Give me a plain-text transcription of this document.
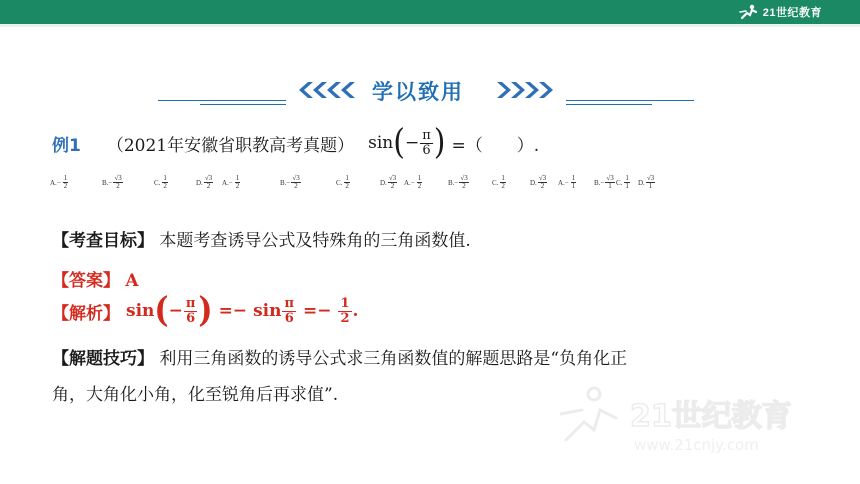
21世纪教育
学以致用
例1 （2021年安徽省职教高考真题） sin ( − $\frac{\pi}{6}$ ) =（　　）.
A. − $\frac{1}{2}$	B. − $\frac{√3}{2}$	C. $\frac{1}{2}$	D. $\frac{√3}{2} A$. − $\frac{1}{2}$	B. − $\frac{√3}{2}$	C. $\frac{1}{2}$	D. $\frac{√3}{2} A$. − $\frac{1}{2}$	B. − $\frac{√3}{2}$	C. $\frac{1}{2}$	D. $\frac{√3}{2} A$. − $\frac{1}{1} B$. − $\frac{√3}{1} C$. $\frac{1}{1} D$. $\frac{√3}{1}$
【考查目标】 本题考查诱导公式及特殊角的三角函数值.
【答案】 A
【解析】 sin ( − $\frac{\pi}{6}$ ) =− $\sin \frac{\pi}{6} =- \frac{1}{2}$ .
【解题技巧】 利用三角函数的诱导公式求三角函数值的解题思路是“负角化正
角，大角化小角，化至锐角后再求值”.
21世纪教育
www.21cnjy.com
